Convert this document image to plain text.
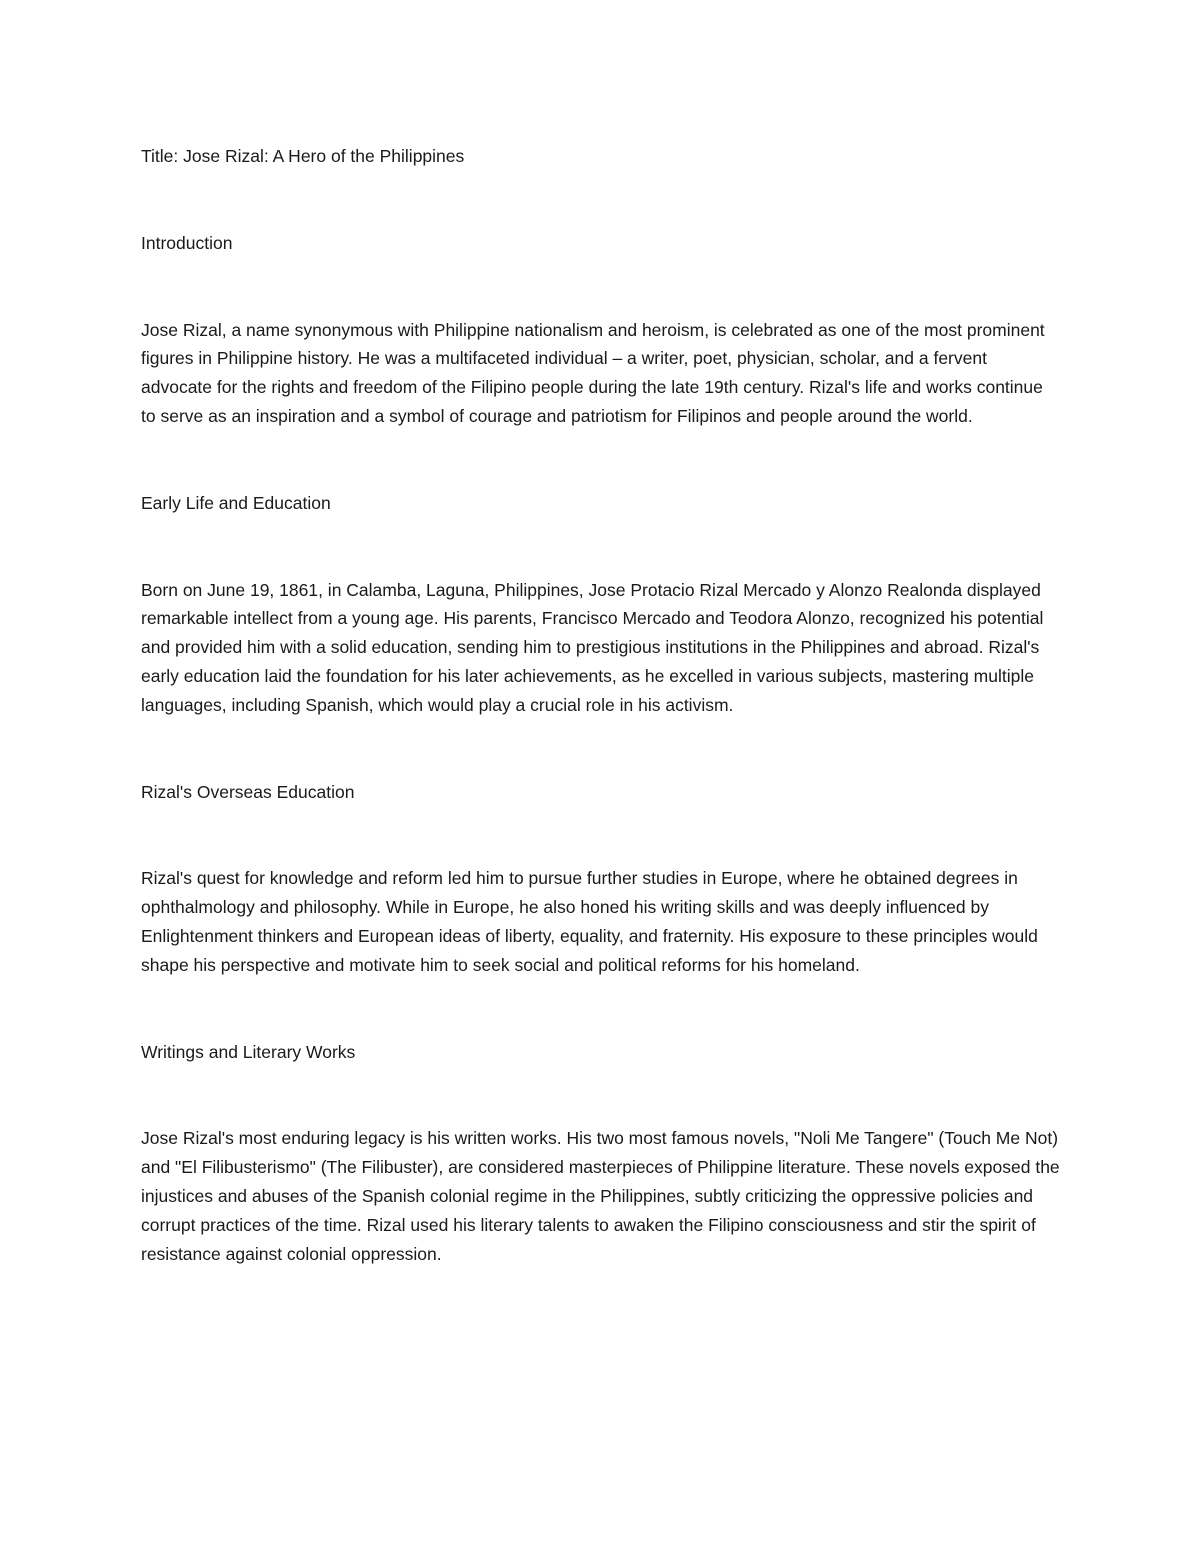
Title: Jose Rizal: A Hero of the Philippines

Introduction

Jose Rizal, a name synonymous with Philippine nationalism and heroism, is celebrated as one of the most prominent figures in Philippine history. He was a multifaceted individual – a writer, poet, physician, scholar, and a fervent advocate for the rights and freedom of the Filipino people during the late 19th century. Rizal's life and works continue to serve as an inspiration and a symbol of courage and patriotism for Filipinos and people around the world.

Early Life and Education

Born on June 19, 1861, in Calamba, Laguna, Philippines, Jose Protacio Rizal Mercado y Alonzo Realonda displayed remarkable intellect from a young age. His parents, Francisco Mercado and Teodora Alonzo, recognized his potential and provided him with a solid education, sending him to prestigious institutions in the Philippines and abroad. Rizal's early education laid the foundation for his later achievements, as he excelled in various subjects, mastering multiple languages, including Spanish, which would play a crucial role in his activism.

Rizal's Overseas Education

Rizal's quest for knowledge and reform led him to pursue further studies in Europe, where he obtained degrees in ophthalmology and philosophy. While in Europe, he also honed his writing skills and was deeply influenced by Enlightenment thinkers and European ideas of liberty, equality, and fraternity. His exposure to these principles would shape his perspective and motivate him to seek social and political reforms for his homeland.

Writings and Literary Works

Jose Rizal's most enduring legacy is his written works. His two most famous novels, "Noli Me Tangere" (Touch Me Not) and "El Filibusterismo" (The Filibuster), are considered masterpieces of Philippine literature. These novels exposed the injustices and abuses of the Spanish colonial regime in the Philippines, subtly criticizing the oppressive policies and corrupt practices of the time. Rizal used his literary talents to awaken the Filipino consciousness and stir the spirit of resistance against colonial oppression.
